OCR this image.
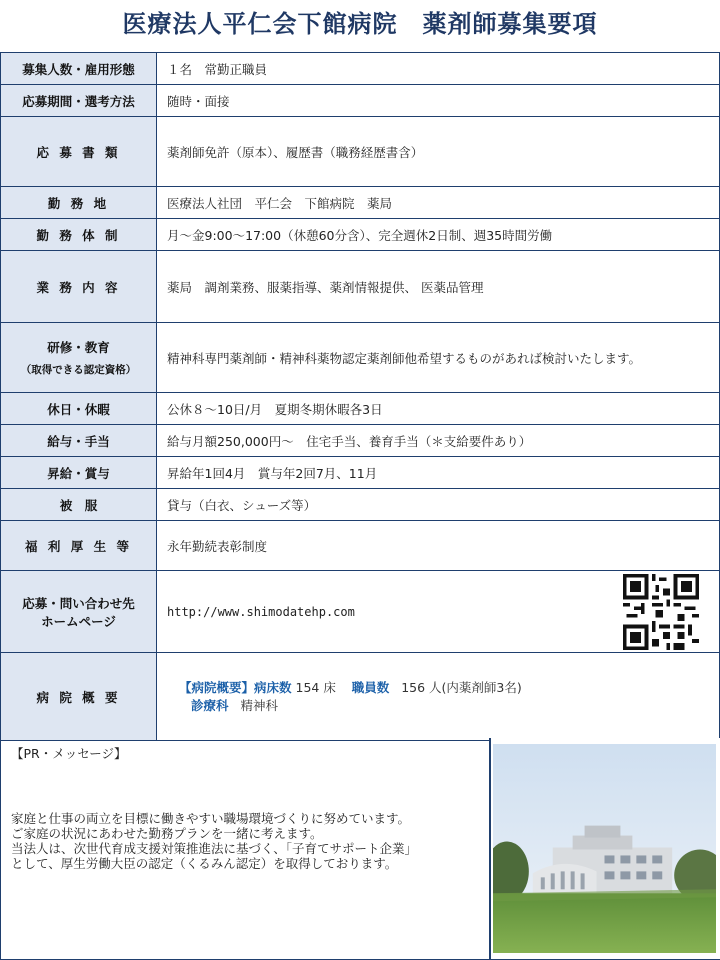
医療法人平仁会下館病院　薬剤師募集要項
募集人数・雇用形態	１名　常勤正職員
応募期間・選考方法	随時・面接
応 募 書 類	薬剤師免許（原本）、履歴書（職務経歴書含）
勤 務 地	医療法人社団　平仁会　下館病院　薬局
勤 務 体 制	月～金9:00～17:00（休憩60分含）、完全週休2日制、週35時間労働
業 務 内 容	薬局　調剤業務、服薬指導、薬剤情報提供、 医薬品管理
研修・教育
（取得できる認定資格）	精神科専門薬剤師・精神科薬物認定薬剤師他希望するものがあれば検討いたします。
休日・休暇	公休８～10日/月　夏期冬期休暇各3日
給与・手当	給与月額250,000円～　住宅手当、養育手当（＊支給要件あり）
昇給・賞与	昇給年1回4月　賞与年2回7月、11月
被　服	貸与（白衣、シューズ等）
福 利 厚 生 等	永年勤続表彰制度

応募・問い合わせ先
ホームページ	http://www.shimodatehp.com

病 院 概 要	【病院概要】病床数 154 床 職員数 156 人(内薬剤師3名)
診療科 精神科
【PR・メッセージ】
家庭と仕事の両立を目標に働きやすい職場環境づくりに努めています。
ご家庭の状況にあわせた勤務プランを一緒に考えます。
当法人は、次世代育成支援対策推進法に基づく、「子育てサポート企業」
として、厚生労働大臣の認定（くるみん認定）を取得しております。
